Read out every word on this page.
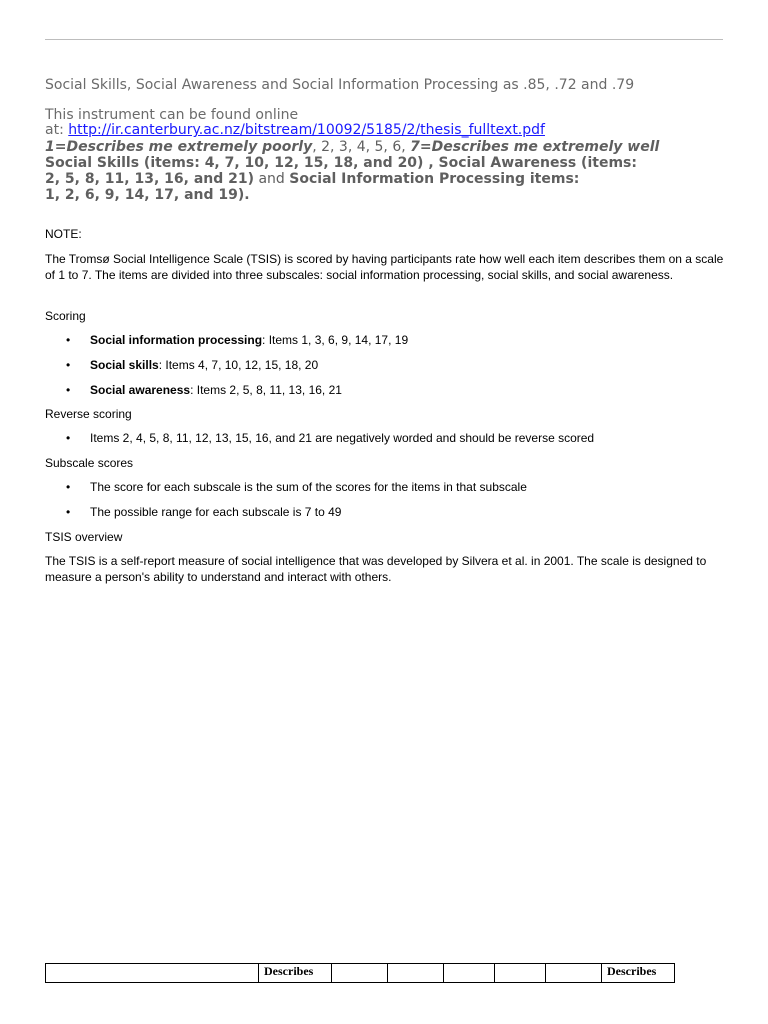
Social Skills, Social Awareness and Social Information Processing as .85, .72 and .79
This instrument can be found online
at: http://ir.canterbury.ac.nz/bitstream/10092/5185/2/thesis_fulltext.pdf
1=Describes me extremely poorly, 2, 3, 4, 5, 6, 7=Describes me extremely well
Social Skills (items: 4, 7, 10, 12, 15, 18, and 20) , Social Awareness (items:
2, 5, 8, 11, 13, 16, and 21) and Social Information Processing items:
1, 2, 6, 9, 14, 17, and 19).
NOTE:
The Tromsø Social Intelligence Scale (TSIS) is scored by having participants rate how well each item describes them on a scale of 1 to 7. The items are divided into three subscales: social information processing, social skills, and social awareness.
Scoring
• Social information processing: Items 1, 3, 6, 9, 14, 17, 19
• Social skills: Items 4, 7, 10, 12, 15, 18, 20
• Social awareness: Items 2, 5, 8, 11, 13, 16, 21
Reverse scoring
• Items 2, 4, 5, 8, 11, 12, 13, 15, 16, and 21 are negatively worded and should be reverse scored
Subscale scores
• The score for each subscale is the sum of the scores for the items in that subscale
• The possible range for each subscale is 7 to 49
TSIS overview
The TSIS is a self-report measure of social intelligence that was developed by Silvera et al. in 2001. The scale is designed to measure a person's ability to understand and interact with others.
	Describes						Describes
